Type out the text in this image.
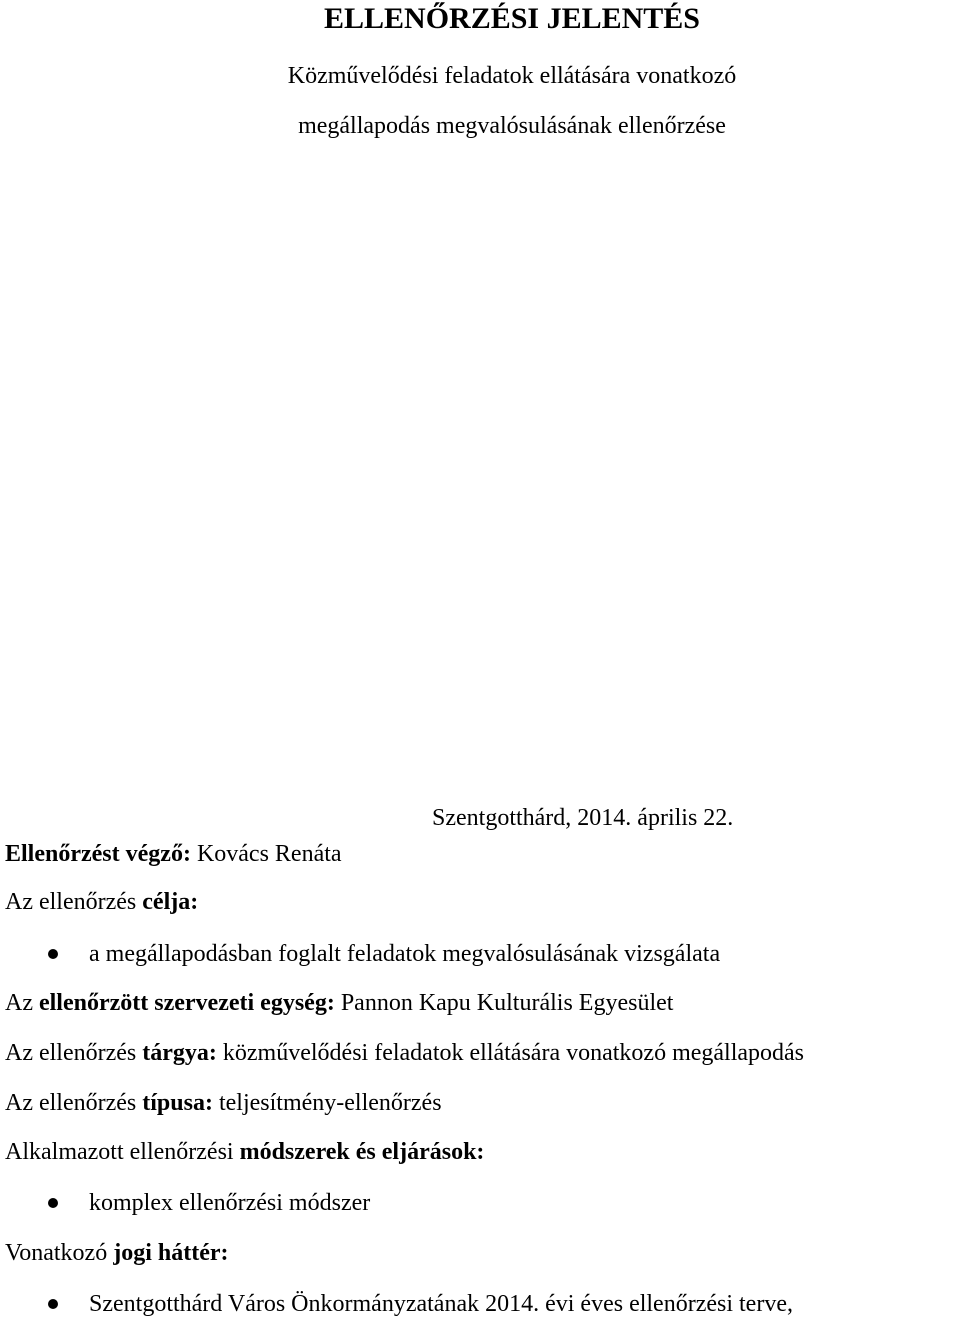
ELLENŐRZÉSI JELENTÉS
Közművelődési feladatok ellátására vonatkozó
megállapodás megvalósulásának ellenőrzése
Szentgotthárd, 2014. április 22.
Ellenőrzést végző: Kovács Renáta
Az ellenőrzés célja:
a megállapodásban foglalt feladatok megvalósulásának vizsgálata
Az ellenőrzött szervezeti egység: Pannon Kapu Kulturális Egyesület
Az ellenőrzés tárgya: közművelődési feladatok ellátására vonatkozó megállapodás
Az ellenőrzés típusa: teljesítmény-ellenőrzés
Alkalmazott ellenőrzési módszerek és eljárások:
komplex ellenőrzési módszer
Vonatkozó jogi háttér:
Szentgotthárd Város Önkormányzatának 2014. évi éves ellenőrzési terve,
